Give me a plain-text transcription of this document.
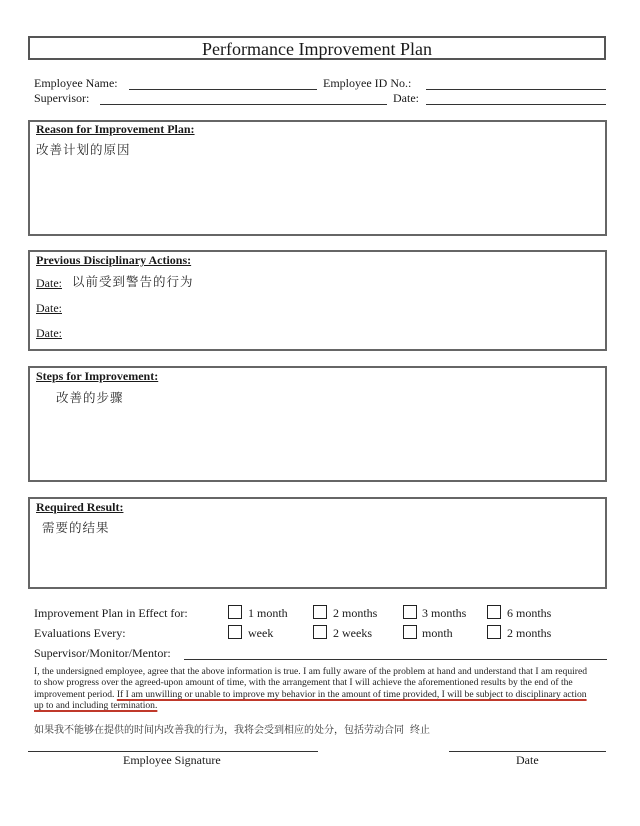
Performance Improvement Plan
Employee Name:	Employee ID No.:
Supervisor:	Date:
Reason for Improvement Plan:
改善计划的原因
Previous Disciplinary Actions:
Date: 以前受到警告的行为
Date:
Date:
Steps for Improvement:
改善的步骤
Required Result:
需要的结果
Improvement Plan in Effect for:	1 month	2 months	3 months	6 months
Evaluations Every:	week	2 weeks	month	2 months
Supervisor/Monitor/Mentor:
I, the undersigned employee, agree that the above information is true. I am fully aware of the problem at hand and understand that I am required to show progress over the agreed-upon amount of time, with the arrangement that I will achieve the aforementioned results by the end of the improvement period. If I am unwilling or unable to improve my behavior in the amount of time provided, I will be subject to disciplinary action up to and including termination.
如果我不能够在提供的时间内改善我的行为，我将会受到相应的处分，包括劳动合同 终止
Employee Signature	Date
